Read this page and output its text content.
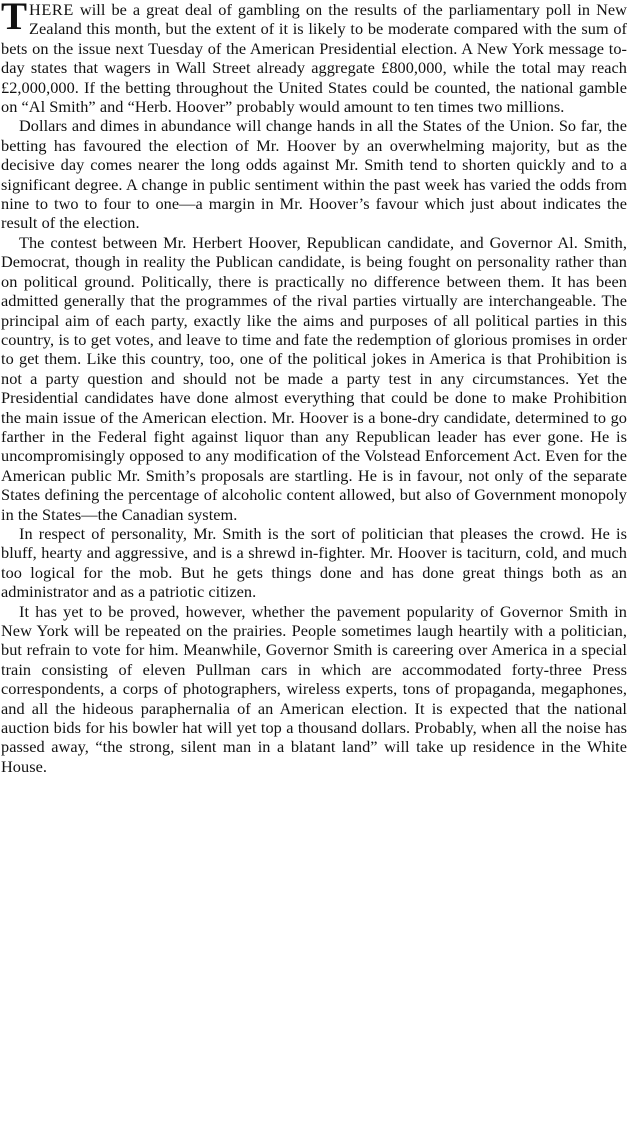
THERE will be a great deal of gambling on the results of the parliamentary poll in New Zealand this month, but the extent of it is likely to be moderate compared with the sum of bets on the issue next Tuesday of the American Presidential election. A New York message to-day states that wagers in Wall Street already aggregate £800,000, while the total may reach £2,000,000. If the betting throughout the United States could be counted, the national gamble on “Al Smith” and “Herb. Hoover” probably would amount to ten times two millions.

Dollars and dimes in abundance will change hands in all the States of the Union. So far, the betting has favoured the election of Mr. Hoover by an overwhelming majority, but as the decisive day comes nearer the long odds against Mr. Smith tend to shorten quickly and to a significant degree. A change in public sentiment within the past week has varied the odds from nine to two to four to one—a margin in Mr. Hoover’s favour which just about indicates the result of the election.

The contest between Mr. Herbert Hoover, Republican candidate, and Governor Al. Smith, Democrat, though in reality the Publican candidate, is being fought on personality rather than on political ground. Politically, there is practically no difference between them. It has been admitted generally that the programmes of the rival parties virtually are interchangeable. The principal aim of each party, exactly like the aims and purposes of all political parties in this country, is to get votes, and leave to time and fate the redemption of glorious promises in order to get them. Like this country, too, one of the political jokes in America is that Prohibition is not a party question and should not be made a party test in any circumstances. Yet the Presidential candidates have done almost everything that could be done to make Prohibition the main issue of the American election. Mr. Hoover is a bone-dry candidate, determined to go farther in the Federal fight against liquor than any Republican leader has ever gone. He is uncompromisingly opposed to any modification of the Volstead Enforcement Act. Even for the American public Mr. Smith’s proposals are startling. He is in favour, not only of the separate States defining the percentage of alcoholic content allowed, but also of Government monopoly in the States—the Canadian system.

In respect of personality, Mr. Smith is the sort of politician that pleases the crowd. He is bluff, hearty and aggressive, and is a shrewd in-fighter. Mr. Hoover is taciturn, cold, and much too logical for the mob. But he gets things done and has done great things both as an administrator and as a patriotic citizen.

It has yet to be proved, however, whether the pavement popularity of Governor Smith in New York will be repeated on the prairies. People sometimes laugh heartily with a politician, but refrain to vote for him. Meanwhile, Governor Smith is careering over America in a special train consisting of eleven Pullman cars in which are accommodated forty-three Press correspondents, a corps of photographers, wireless experts, tons of propaganda, megaphones, and all the hideous paraphernalia of an American election. It is expected that the national auction bids for his bowler hat will yet top a thousand dollars. Probably, when all the noise has passed away, “the strong, silent man in a blatant land” will take up residence in the White House.
